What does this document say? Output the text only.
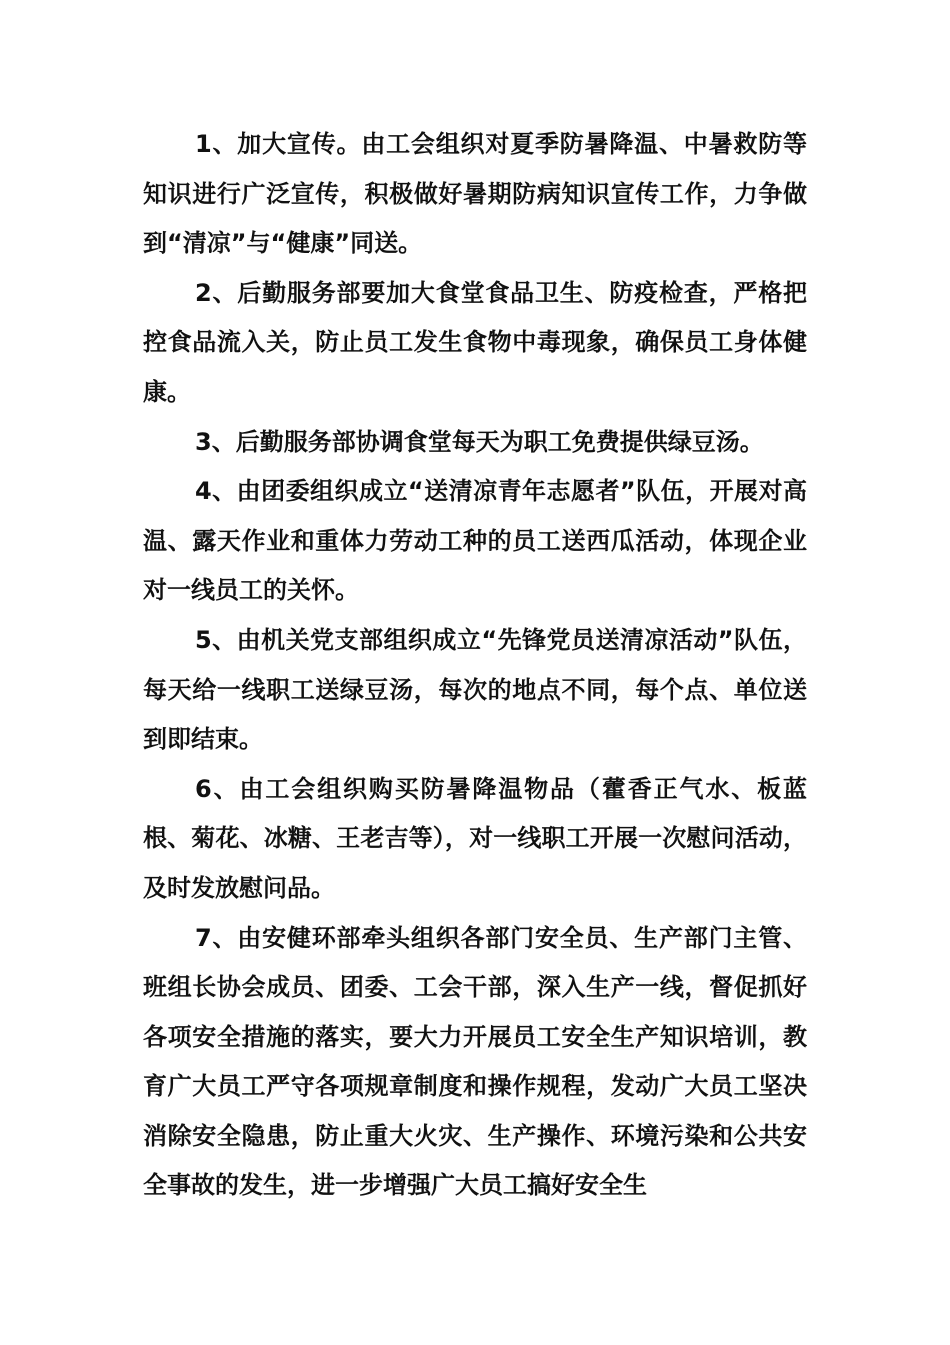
1、加大宣传。由工会组织对夏季防暑降温、中暑救防等知识进行广泛宣传，积极做好暑期防病知识宣传工作，力争做到“清凉”与“健康”同送。

2、后勤服务部要加大食堂食品卫生、防疫检查，严格把控食品流入关，防止员工发生食物中毒现象，确保员工身体健康。

3、后勤服务部协调食堂每天为职工免费提供绿豆汤。

4、由团委组织成立“送清凉青年志愿者”队伍，开展对高温、露天作业和重体力劳动工种的员工送西瓜活动，体现企业对一线员工的关怀。

5、由机关党支部组织成立“先锋党员送清凉活动”队伍，每天给一线职工送绿豆汤，每次的地点不同，每个点、单位送到即结束。

6、由工会组织购买防暑降温物品（藿香正气水、板蓝根、菊花、冰糖、王老吉等），对一线职工开展一次慰问活动，及时发放慰问品。

7、由安健环部牵头组织各部门安全员、生产部门主管、班组长协会成员、团委、工会干部，深入生产一线，督促抓好各项安全措施的落实，要大力开展员工安全生产知识培训，教育广大员工严守各项规章制度和操作规程，发动广大员工坚决消除安全隐患，防止重大火灾、生产操作、环境污染和公共安全事故的发生，进一步增强广大员工搞好安全生
